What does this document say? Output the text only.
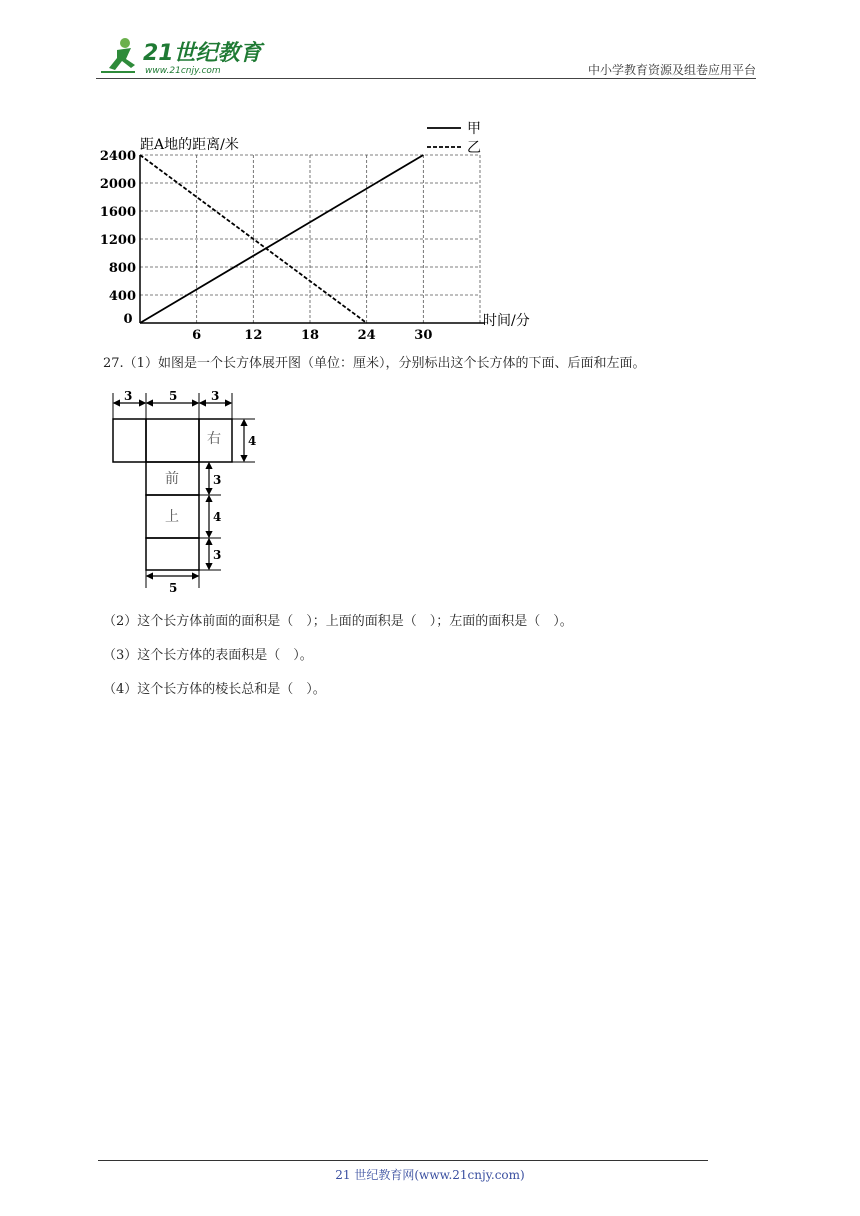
21世纪教育
www.21cnjy.com	中小学教育资源及组卷应用平台
0
6	12	18	24	30
400
800
1200
1600
2000
2400
距A地的距离/米
时间/分
甲
乙
27.（1）如图是一个长方体展开图（单位：厘米），分别标出这个长方体的下面、后面和左面。
3	5	3
4
3
4
3
5
右
前
上
（2）这个长方体前面的面积是（　）；上面的面积是（　）；左面的面积是（　）。
（3）这个长方体的表面积是（　）。
（4）这个长方体的棱长总和是（　）。
21 世纪教育网(www.21cnjy.com)
